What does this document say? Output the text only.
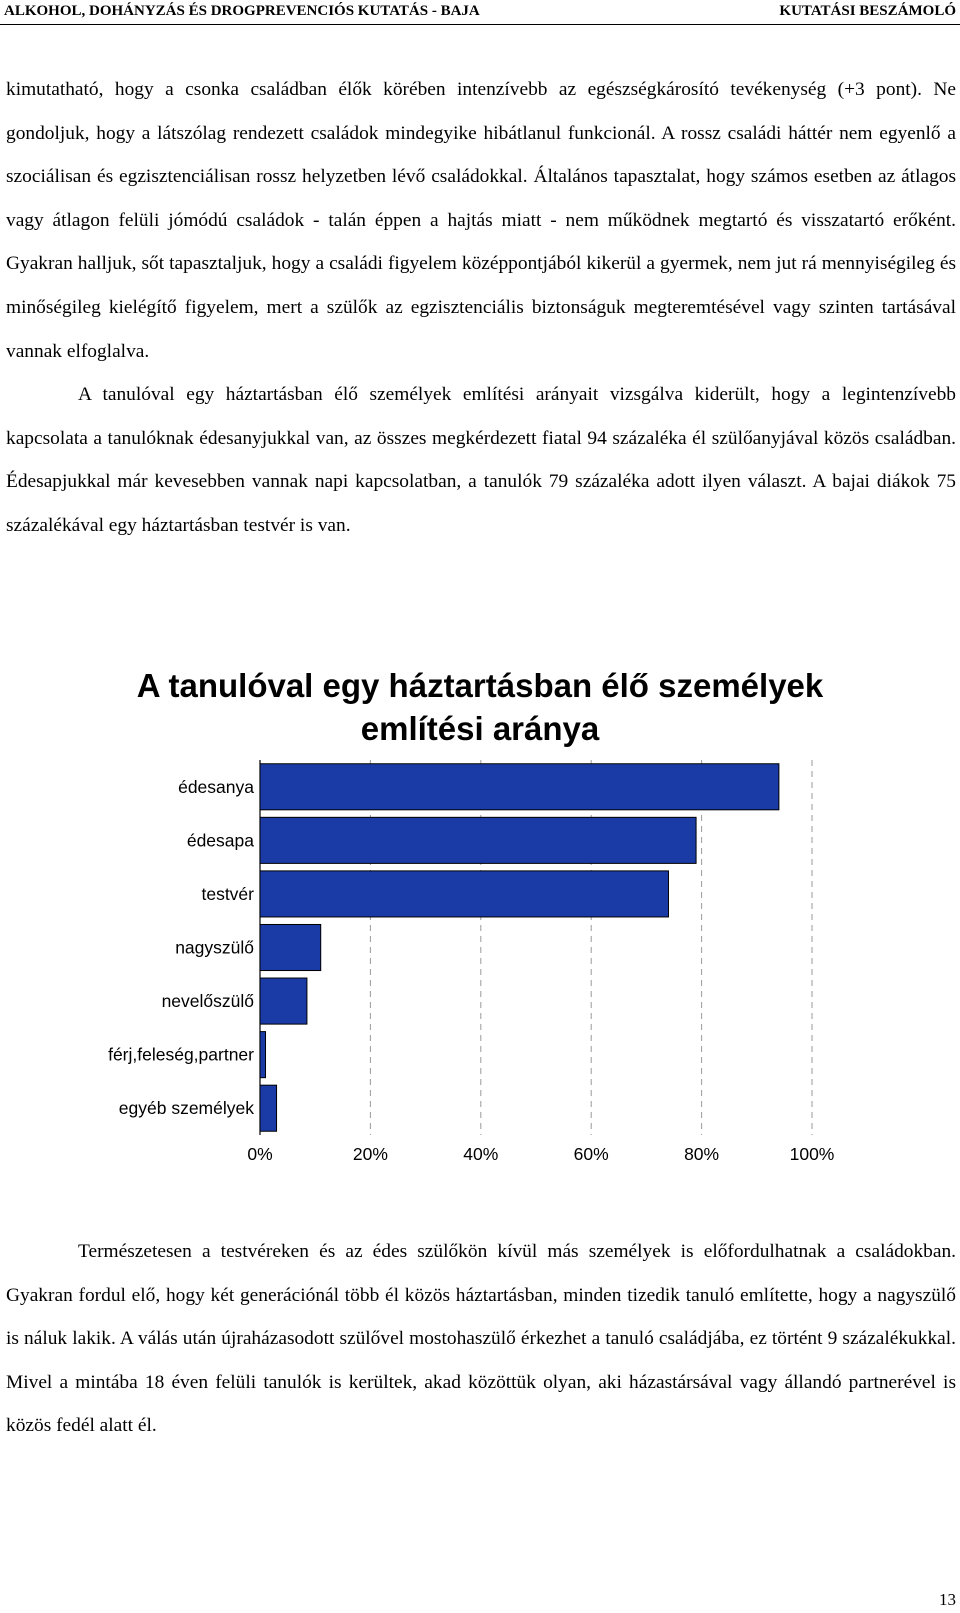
ALKOHOL, DOHÁNYZÁS ÉS DROGPREVENCIÓS KUTATÁS - BAJA	KUTATÁSI BESZÁMOLÓ

kimutatható, hogy a csonka családban élők körében intenzívebb az egészségkárosító tevékenység (+3 pont). Ne gondoljuk, hogy a látszólag rendezett családok mindegyike hibátlanul funkcionál. A rossz családi háttér nem egyenlő a szociálisan és egzisztenciálisan rossz helyzetben lévő családokkal. Általános tapasztalat, hogy számos esetben az átlagos vagy átlagon felüli jómódú családok - talán éppen a hajtás miatt - nem működnek megtartó és visszatartó erőként. Gyakran halljuk, sőt tapasztaljuk, hogy a családi figyelem középpontjából kikerül a gyermek, nem jut rá mennyiségileg és minőségileg kielégítő figyelem, mert a szülők az egzisztenciális biztonságuk megteremtésével vagy szinten tartásával vannak elfoglalva.
A tanulóval egy háztartásban élő személyek említési arányait vizsgálva kiderült, hogy a legintenzívebb kapcsolata a tanulóknak édesanyjukkal van, az összes megkérdezett fiatal 94 százaléka él szülőanyjával közös családban. Édesapjukkal már kevesebben vannak napi kapcsolatban, a tanulók 79 százaléka adott ilyen választ. A bajai diákok 75 százalékával egy háztartásban testvér is van.

A tanulóval egy háztartásban élő személyek
említési aránya
édesanya
édesapa
testvér
nagyszülő
nevelőszülő
férj,feleség,partner
egyéb személyek
0%	20%	40%	60%	80%	100%

Természetesen a testvéreken és az édes szülőkön kívül más személyek is előfordulhatnak a családokban. Gyakran fordul elő, hogy két generációnál több él közös háztartásban, minden tizedik tanuló említette, hogy a nagyszülő is náluk lakik. A válás után újraházasodott szülővel mostohaszülő érkezhet a tanuló családjába, ez történt 9 százalékukkal. Mivel a mintába 18 éven felüli tanulók is kerültek, akad közöttük olyan, aki házastársával vagy állandó partnerével is közös fedél alatt él.

13
